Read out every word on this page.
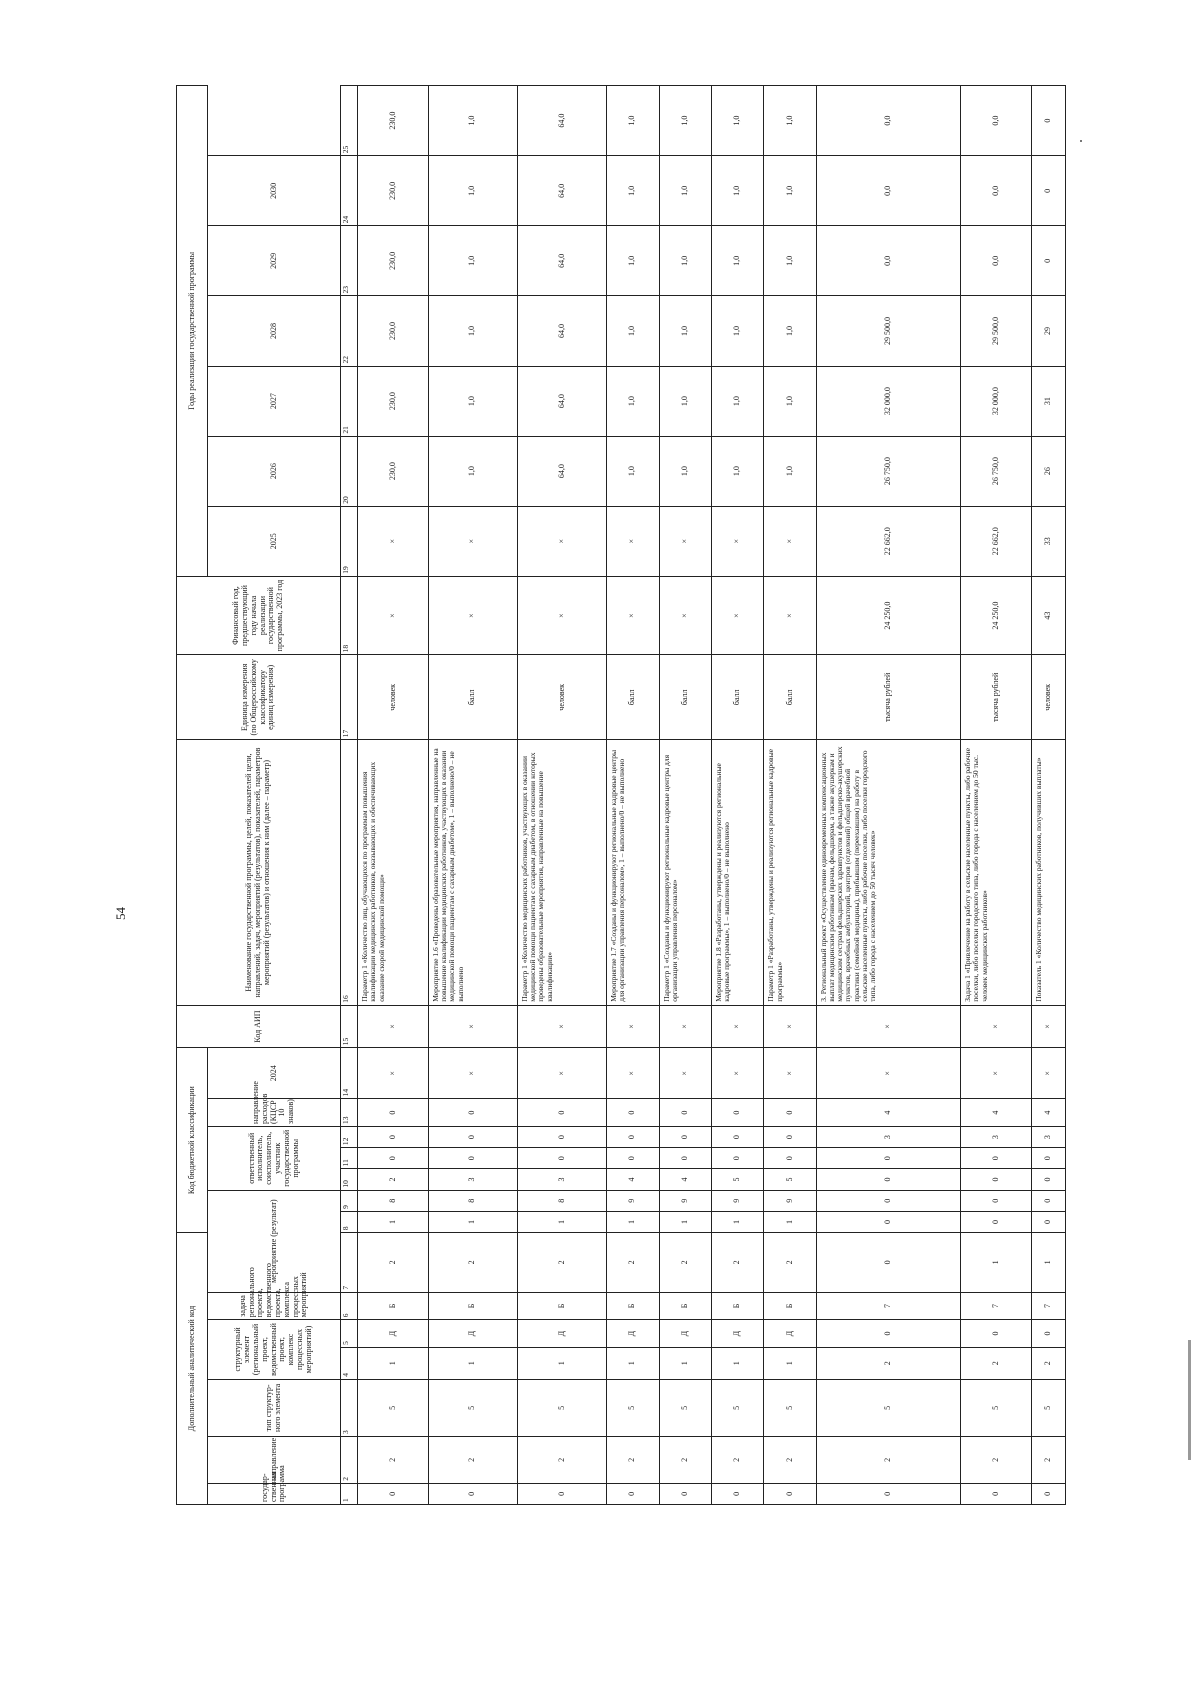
54
Дополнительный аналитический код							Код бюджетной классификации							Код АИП	Наименование государственной программы, целей, показателей цели, направлений, задач, мероприятий (результатов), показателей, параметров мероприятий (результатов) и отношения к ним (далее – параметр)	Единица измерения (по Общероссийскому классификатору единиц измерения)	Финансовый год, предшествующий году начала реализации государственной программы, 2023 год	Годы реализации государственной программы						
государ-ственная программа	направление	тип структур-ного элемента	структурный элемент (региональный проект, ведомственный проект, комплекс процессных мероприятий)		задача регионального проекта, ведомственного проекта, комплекса процессных мероприятий	мероприятие (результат)			ответственный исполнитель, соисполнитель, участник государственной программы			направление расходов (КЦСР 10 знаков)	2024					2025	2026	2027	2028	2029	2030	
1	2	3	4	5	6	7	8	9	10	11	12	13	14	15	16	17	18	19	20	21	22	23	24	25
0	2	5	1	Д	Б	2	1	8	2	0	0	0	×	×	Параметр 1 «Количество лиц, обучающихся по программам повышения квалификации медицинских работников, оказывающих и обеспечивающих оказание скорой медицинской помощи»	человек	×	×	230,0	230,0	230,0	230,0	230,0	230,0
0	2	5	1	Д	Б	2	1	8	3	0	0	0	×	×	Мероприятие 1.6 «Проведены образовательные мероприятия, направленные на повышение квалификации медицинских работников, участвующих в оказании медицинской помощи пациентам с сахарным диабетом», 1 – выполнено/0 – не выполнено	балл	×	×	1,0	1,0	1,0	1,0	1,0	1,0
0	2	5	1	Д	Б	2	1	8	3	0	0	0	×	×	Параметр 1 «Количество медицинских работников, участвующих в оказании медицинской помощи пациентам с сахарным диабетом, в отношении которых проведены образовательные мероприятия, направленные на повышение квалификации»	человек	×	×	64,0	64,0	64,0	64,0	64,0	64,0
0	2	5	1	Д	Б	2	1	9	4	0	0	0	×	×	Мероприятие 1.7 «Созданы и функционируют региональные кадровые центры для организации управления персоналом», 1 – выполнено/0 – не выполнено	балл	×	×	1,0	1,0	1,0	1,0	1,0	1,0
0	2	5	1	Д	Б	2	1	9	4	0	0	0	×	×	Параметр 1 «Созданы и функционируют региональные кадровые центры для организации управления персоналом»	балл	×	×	1,0	1,0	1,0	1,0	1,0	1,0
0	2	5	1	Д	Б	2	1	9	5	0	0	0	×	×	Мероприятие 1.8 «Разработаны, утверждены и реализуются региональные кадровые программы», 1 – выполнено/0 – не выполнено	балл	×	×	1,0	1,0	1,0	1,0	1,0	1,0
0	2	5	1	Д	Б	2	1	9	5	0	0	0	×	×	Параметр 1 «Разработаны, утверждены и реализуются региональные кадровые программы»	балл	×	×	1,0	1,0	1,0	1,0	1,0	1,0
0	2	5	2	0	7	0	0	0	0	0	3	4	×	×	3. Региональный проект «Осуществление единовременных компенсационных выплат медицинским работникам (врачам, фельдшерам, а также акушеркам и медицинским сестрам фельдшерских здравпунктов и фельдшерско-акушерских пунктов, врачебных амбулаторий, центров (отделений) общей врачебной практики (семейной медицины), прибывшим (переехавшим) на работу в сельские населенные пункты, либо рабочие поселки, либо поселки городского типа, либо города с населением до 50 тысяч человек»	тысяча рублей	24 250,0	22 662,0	26 750,0	32 000,0	29 500,0	0,0	0,0	0,0
0	2	5	2	0	7	1	0	0	0	0	3	4	×	×	Задача 1 «Привлечение на работу в сельские населенные пункты, либо рабочие поселки, либо поселки городского типа, либо города с населением до 50 тыс. человек медицинских работников»	тысяча рублей	24 250,0	22 662,0	26 750,0	32 000,0	29 500,0	0,0	0,0	0,0
0	2	5	2	0	7	1	0	0	0	0	3	4	×	×	Показатель 1 «Количество медицинских работников, получивших выплаты»	человек	43	33	26	31	29	0	0	0
